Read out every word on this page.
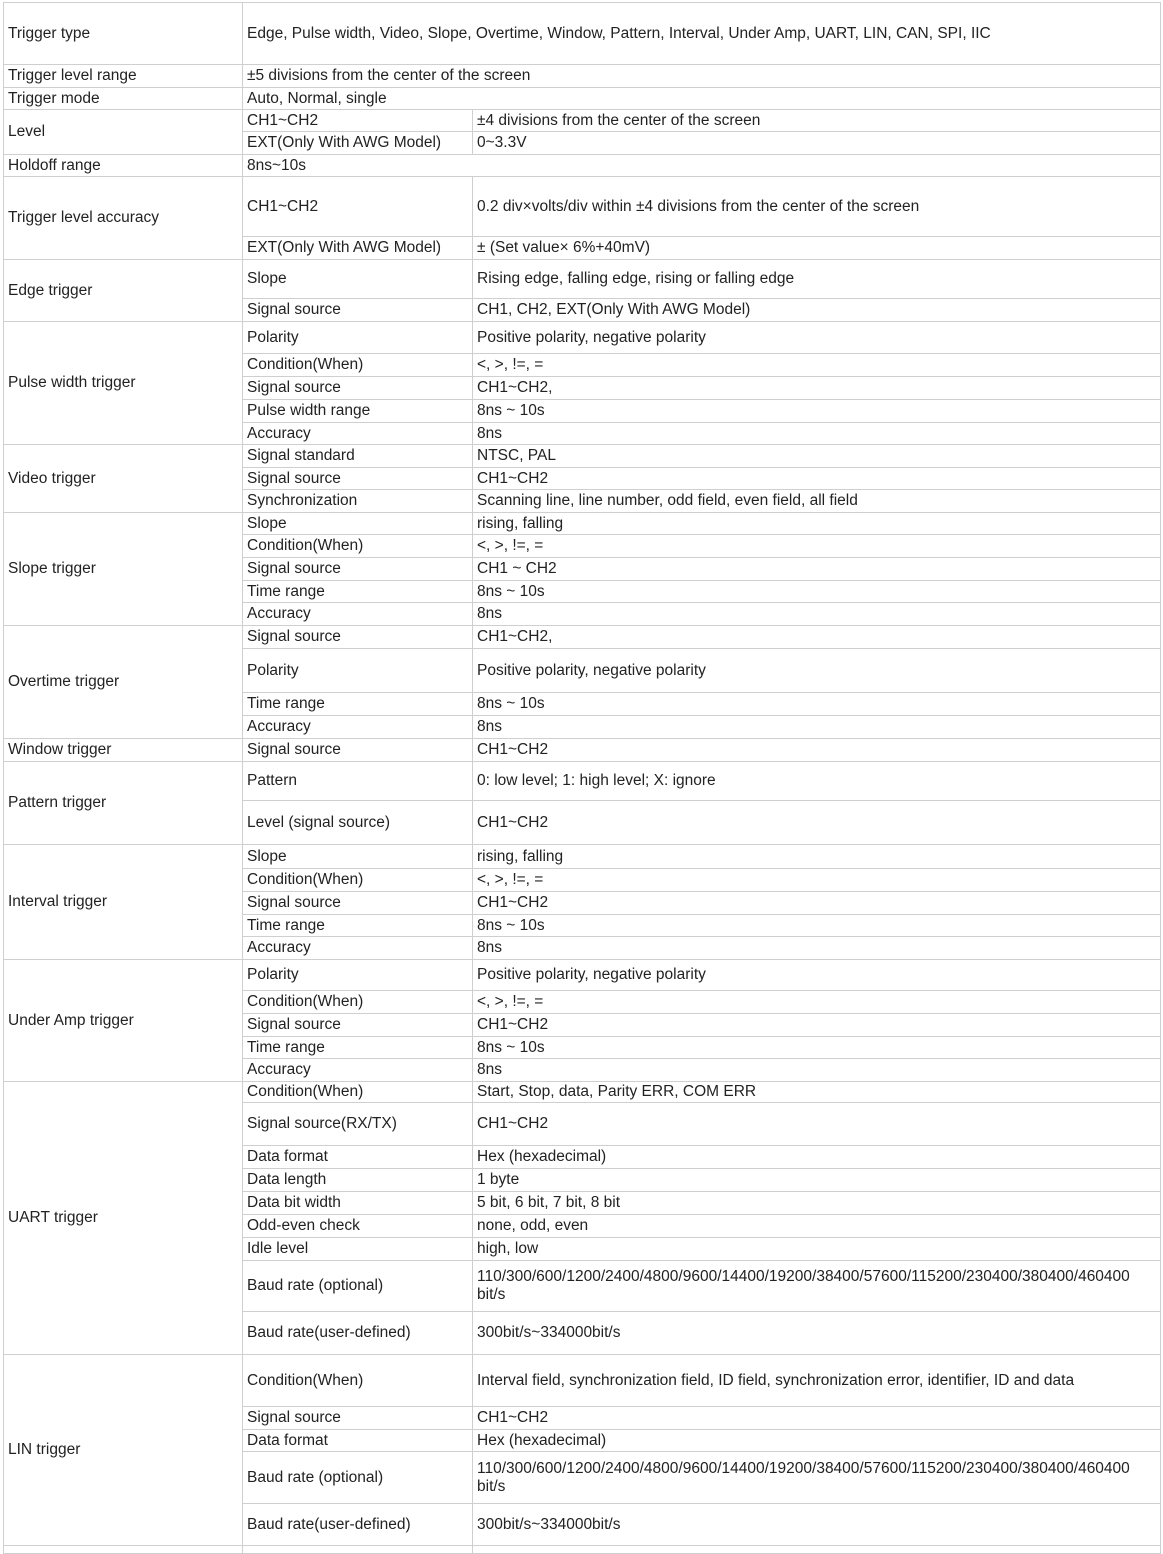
Trigger type	Edge, Pulse width, Video, Slope, Overtime, Window, Pattern, Interval, Under Amp, UART, LIN, CAN, SPI, IIC	
Trigger level range	±5 divisions from the center of the screen	
Trigger mode	Auto, Normal, single	
Level	CH1~CH2	±4 divisions from the center of the screen
	EXT(Only With AWG Model)	0~3.3V
Holdoff range	8ns~10s	
Trigger level accuracy	CH1~CH2	0.2 div×volts/div within ±4 divisions from the center of the screen
	EXT(Only With AWG Model)	± (Set value× 6%+40mV)
Edge trigger	Slope	Rising edge, falling edge, rising or falling edge
	Signal source	CH1, CH2, EXT(Only With AWG Model)
Pulse width trigger	Polarity	Positive polarity, negative polarity
	Condition(When)	<, >, !=, =
	Signal source	CH1~CH2,
	Pulse width range	8ns ~ 10s
	Accuracy	8ns
Video trigger	Signal standard	NTSC, PAL
	Signal source	CH1~CH2
	Synchronization	Scanning line, line number, odd field, even field, all field
Slope trigger	Slope	rising, falling
	Condition(When)	<, >, !=, =
	Signal source	CH1 ~ CH2
	Time range	8ns ~ 10s
	Accuracy	8ns
Overtime trigger	Signal source	CH1~CH2,
	Polarity	Positive polarity, negative polarity
	Time range	8ns ~ 10s
	Accuracy	8ns
Window trigger	Signal source	CH1~CH2
Pattern trigger	Pattern	0: low level; 1: high level; X: ignore
	Level (signal source)	CH1~CH2
Interval trigger	Slope	rising, falling
	Condition(When)	<, >, !=, =
	Signal source	CH1~CH2
	Time range	8ns ~ 10s
	Accuracy	8ns
Under Amp trigger	Polarity	Positive polarity, negative polarity
	Condition(When)	<, >, !=, =
	Signal source	CH1~CH2
	Time range	8ns ~ 10s
	Accuracy	8ns
UART trigger	Condition(When)	Start, Stop, data, Parity ERR, COM ERR
	Signal source(RX/TX)	CH1~CH2
	Data format	Hex (hexadecimal)
	Data length	1 byte
	Data bit width	5 bit, 6 bit, 7 bit, 8 bit
	Odd-even check	none, odd, even
	Idle level	high, low
	Baud rate (optional)	110/300/600/1200/2400/4800/9600/14400/19200/38400/57600/115200/230400/380400/460400 bit/s
	Baud rate(user-defined)	300bit/s~334000bit/s
LIN trigger	Condition(When)	Interval field, synchronization field, ID field, synchronization error, identifier, ID and data
	Signal source	CH1~CH2
	Data format	Hex (hexadecimal)
	Baud rate (optional)	110/300/600/1200/2400/4800/9600/14400/19200/38400/57600/115200/230400/380400/460400 bit/s
	Baud rate(user-defined)	300bit/s~334000bit/s
